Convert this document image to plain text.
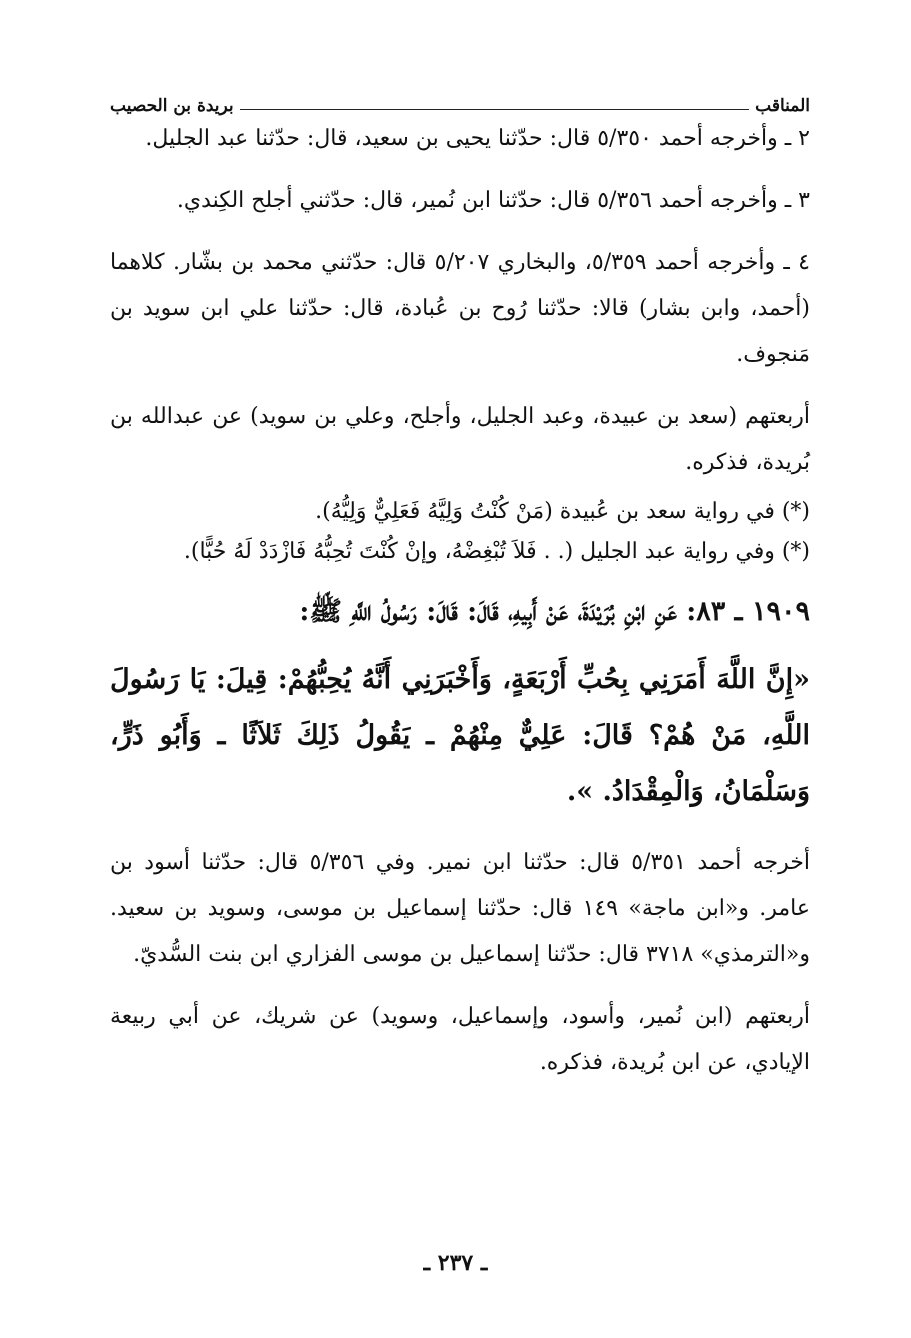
المناقب
بريدة بن الحصيب

٢ ـ وأخرجه أحمد ٥/٣٥٠ قال: حدّثنا يحيى بن سعيد، قال: حدّثنا عبد الجليل.

٣ ـ وأخرجه أحمد ٥/٣٥٦ قال: حدّثنا ابن نُمير، قال: حدّثني أجلح الكِندي.

٤ ـ وأخرجه أحمد ٥/٣٥٩، والبخاري ٥/٢٠٧ قال: حدّثني محمد بن بشّار. كلاهما (أحمد، وابن بشار) قالا: حدّثنا رُوح بن عُبادة، قال: حدّثنا علي ابن سويد بن مَنجوف.

أربعتهم (سعد بن عبيدة، وعبد الجليل، وأجلح، وعلي بن سويد) عن عبدالله بن بُريدة، فذكره.

(*) في رواية سعد بن عُبيدة (مَنْ كُنْتُ وَلِيَّهُ فَعَلِيٌّ وَلِيُّهُ).

(*) وفي رواية عبد الجليل (. . فَلاَ تُبْغِضْهُ، وإنْ كُنْتَ تُحِبُّهُ فَازْدَدْ لَهُ حُبًّا).

١٩٠٩ ـ ٨٣: عَنِ ابْنِ بُرَيْدَةَ، عَنْ أَبِيهِ، قَالَ: قَالَ: رَسُولُ اللَّهِ ﷺ:

«إِنَّ اللَّهَ أَمَرَنِي بِحُبِّ أَرْبَعَةٍ، وَأَخْبَرَنِي أَنَّهُ يُحِبُّهُمْ: قِيلَ: يَا رَسُولَ اللَّهِ، مَنْ هُمْ؟ قَالَ: عَلِيٌّ مِنْهُمْ ـ يَقُولُ ذَلِكَ ثَلاَثًا ـ وَأَبُو ذَرٍّ، وَسَلْمَانُ، وَالْمِقْدَادُ. ».

أخرجه أحمد ٥/٣٥١ قال: حدّثنا ابن نمير. وفي ٥/٣٥٦ قال: حدّثنا أسود بن عامر. و«ابن ماجة» ١٤٩ قال: حدّثنا إسماعيل بن موسى، وسويد بن سعيد. و«الترمذي» ٣٧١٨ قال: حدّثنا إسماعيل بن موسى الفزاري ابن بنت السُّديّ.

أربعتهم (ابن نُمير، وأسود، وإسماعيل، وسويد) عن شريك، عن أبي ربيعة الإيادي، عن ابن بُريدة، فذكره.

ـ ٢٣٧ ـ
